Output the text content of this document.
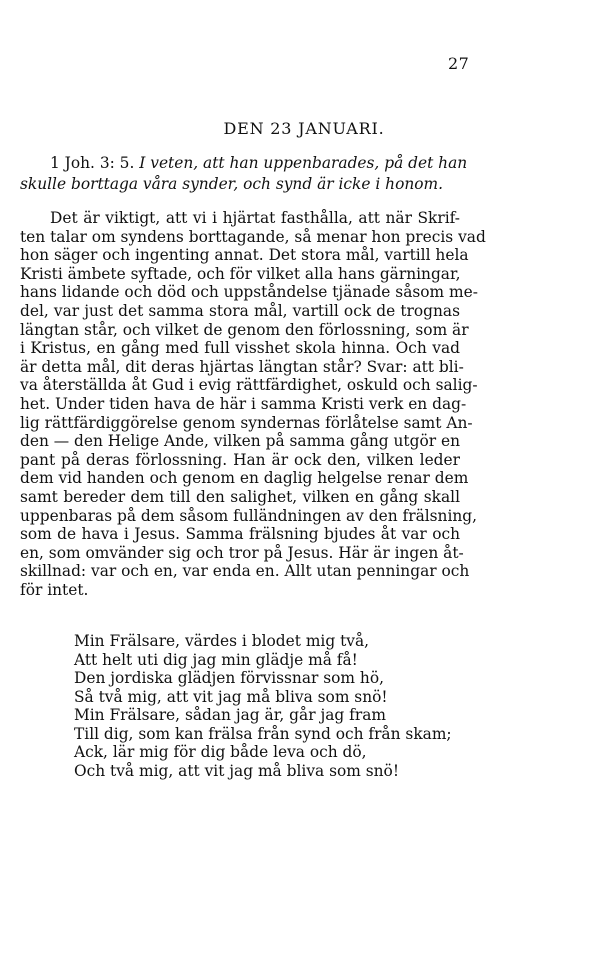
27
DEN 23 JANUARI.
1 Joh. 3: 5. I veten, att han uppenbarades, på det han
skulle borttaga våra synder, och synd är icke i honom.
Det är viktigt, att vi i hjärtat fasthålla, att när Skrif-
ten talar om syndens borttagande, så menar hon precis vad
hon säger och ingenting annat. Det stora mål, vartill hela
Kristi ämbete syftade, och för vilket alla hans gärningar,
hans lidande och död och uppståndelse tjänade såsom me-
del, var just det samma stora mål, vartill ock de trognas
längtan står, och vilket de genom den förlossning, som är
i Kristus, en gång med full visshet skola hinna. Och vad
är detta mål, dit deras hjärtas längtan står? Svar: att bli-
va återställda åt Gud i evig rättfärdighet, oskuld och salig-
het. Under tiden hava de här i samma Kristi verk en dag-
lig rättfärdiggörelse genom syndernas förlåtelse samt An-
den — den Helige Ande, vilken på samma gång utgör en
pant på deras förlossning. Han är ock den, vilken leder
dem vid handen och genom en daglig helgelse renar dem
samt bereder dem till den salighet, vilken en gång skall
uppenbaras på dem såsom fulländningen av den frälsning,
som de hava i Jesus. Samma frälsning bjudes åt var och
en, som omvänder sig och tror på Jesus. Här är ingen åt-
skillnad: var och en, var enda en. Allt utan penningar och
för intet.
Min Frälsare, värdes i blodet mig två,
Att helt uti dig jag min glädje må få!
Den jordiska glädjen förvissnar som hö,
Så två mig, att vit jag må bliva som snö!
Min Frälsare, sådan jag är, går jag fram
Till dig, som kan frälsa från synd och från skam;
Ack, lär mig för dig både leva och dö,
Och två mig, att vit jag må bliva som snö!
